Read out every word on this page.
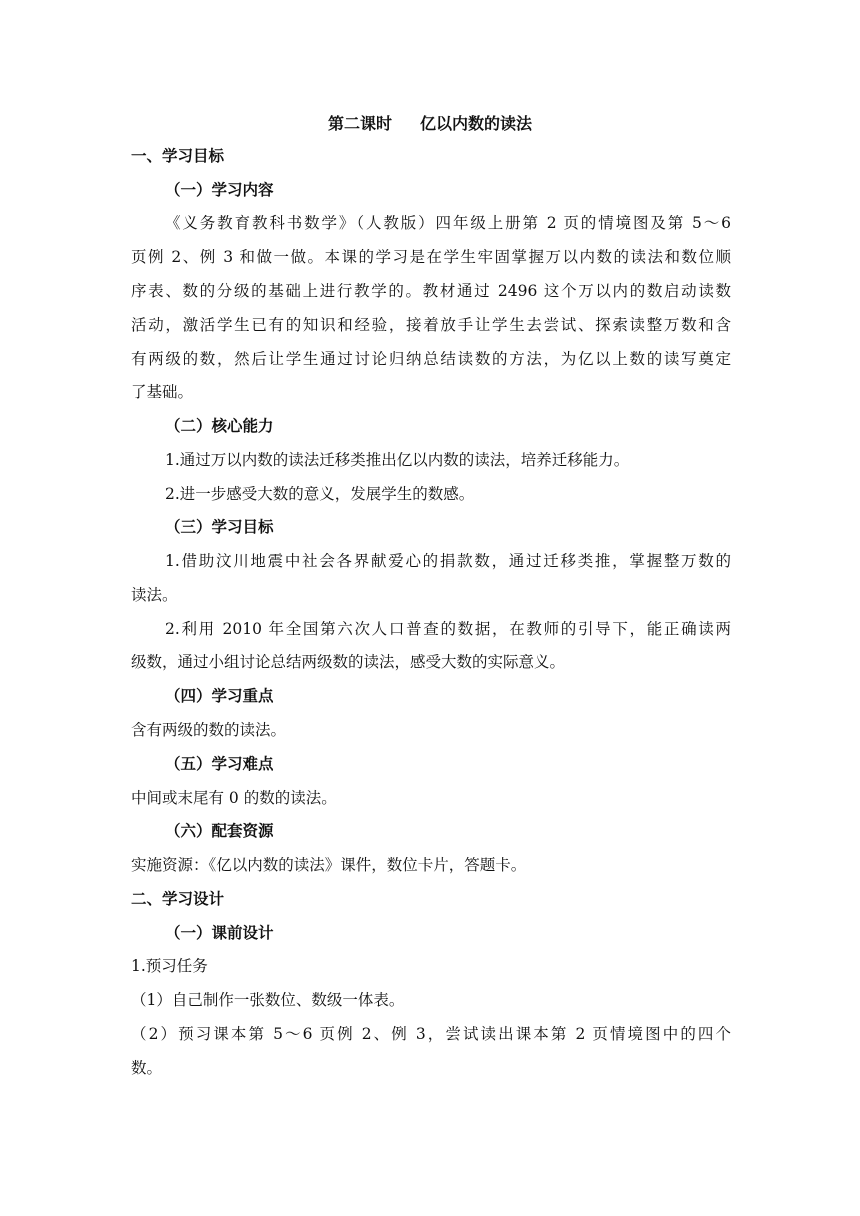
第二课时 亿以内数的读法
一、学习目标
（一）学习内容
《义务教育教科书数学》（人教版）四年级上册第 2 页的情境图及第 5～6
页例 2、例 3 和做一做。本课的学习是在学生牢固掌握万以内数的读法和数位顺
序表、数的分级的基础上进行教学的。教材通过 2496 这个万以内的数启动读数
活动，激活学生已有的知识和经验，接着放手让学生去尝试、探索读整万数和含
有两级的数，然后让学生通过讨论归纳总结读数的方法，为亿以上数的读写奠定
了基础。
（二）核心能力
1.通过万以内数的读法迁移类推出亿以内数的读法，培养迁移能力。
2.进一步感受大数的意义，发展学生的数感。
（三）学习目标
1.借助汶川地震中社会各界献爱心的捐款数，通过迁移类推，掌握整万数的
读法。
2.利用 2010 年全国第六次人口普查的数据，在教师的引导下，能正确读两
级数，通过小组讨论总结两级数的读法，感受大数的实际意义。
（四）学习重点
含有两级的数的读法。
（五）学习难点
中间或末尾有 0 的数的读法。
（六）配套资源
实施资源：《亿以内数的读法》课件，数位卡片，答题卡。
二、学习设计
（一）课前设计
1.预习任务
（1）自己制作一张数位、数级一体表。
（2）预习课本第 5～6 页例 2、例 3，尝试读出课本第 2 页情境图中的四个
数。
